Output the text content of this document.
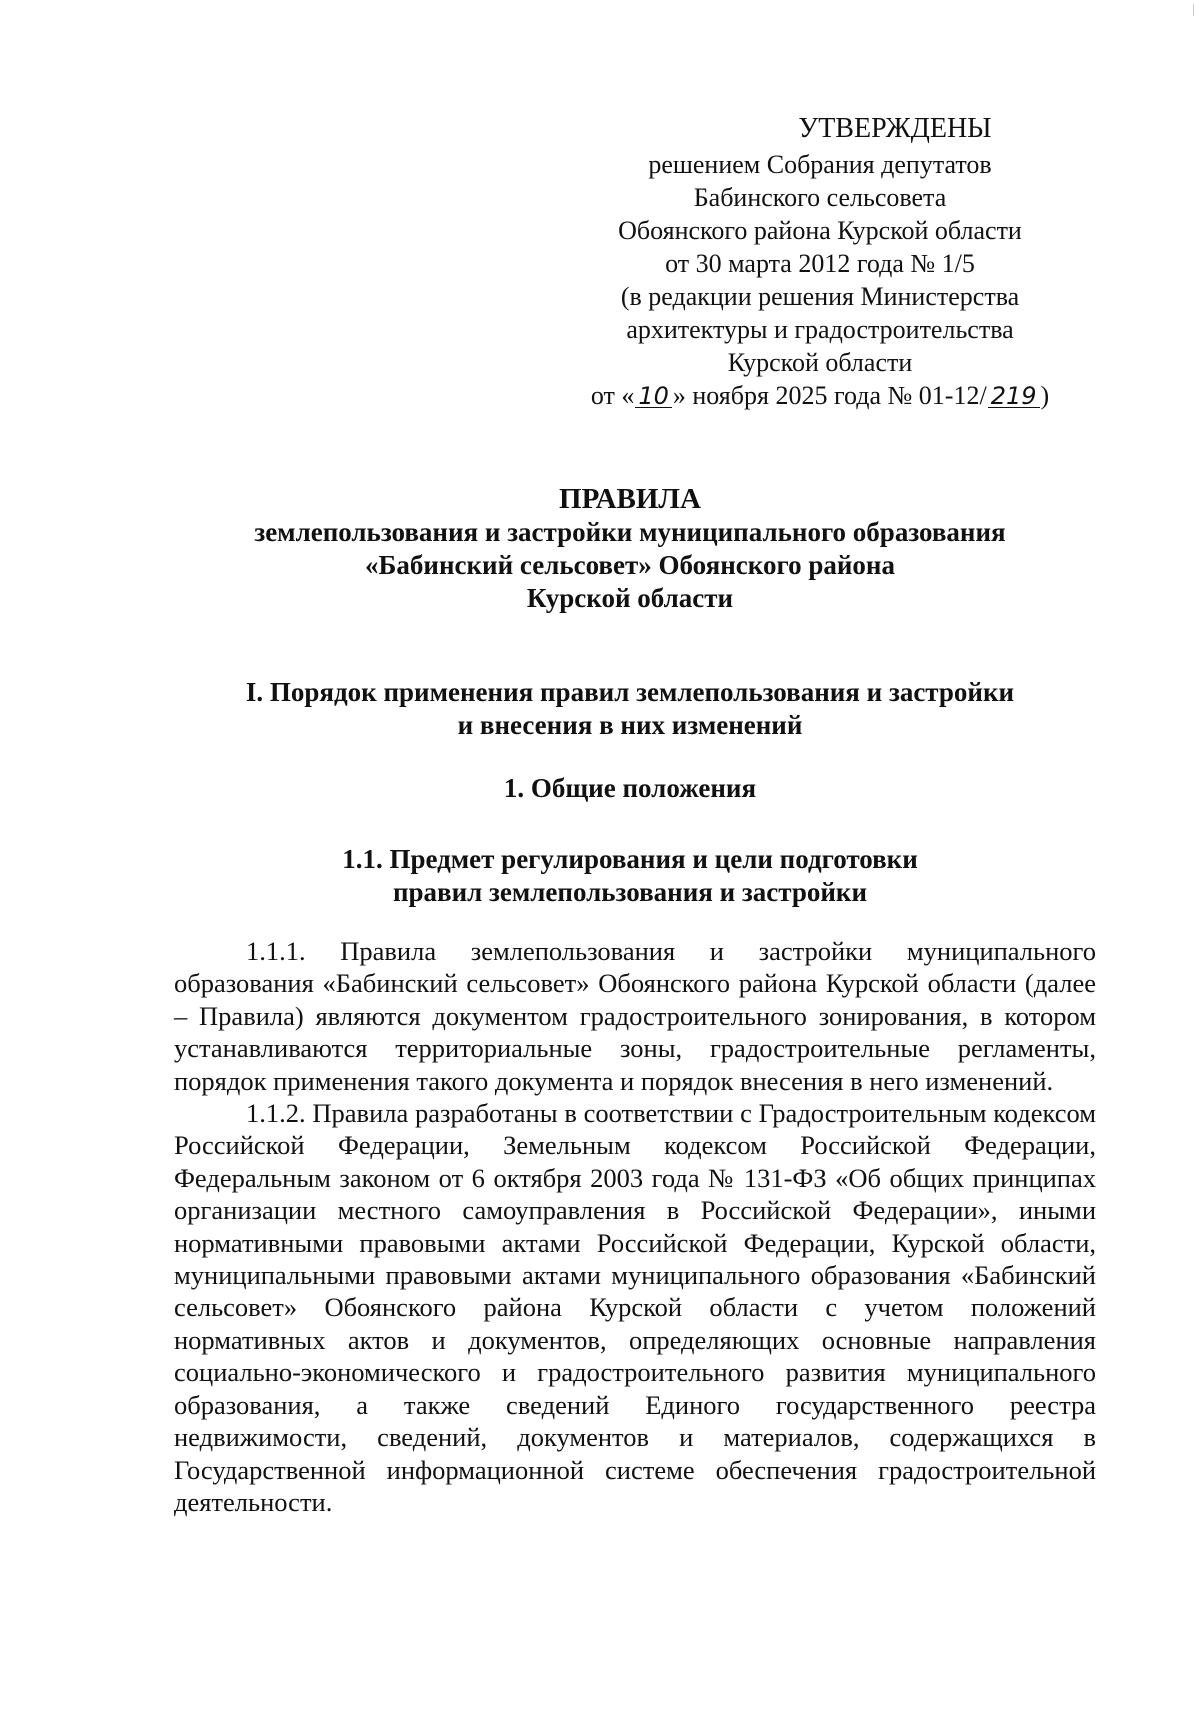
УТВЕРЖДЕНЫ
решением Собрания депутатов
Бабинского сельсовета
Обоянского района Курской области
от 30 марта 2012 года № 1/5
(в редакции решения Министерства
архитектуры и градостроительства
Курской области
от « 10 » ноября 2025 года № 01-12/ 219 )
ПРАВИЛА
землепользования и застройки муниципального образования
«Бабинский сельсовет» Обоянского района
Курской области
I. Порядок применения правил землепользования и застройки
и внесения в них изменений
1. Общие положения
1.1. Предмет регулирования и цели подготовки
правил землепользования и застройки

1.1.1. Правила землепользования и застройки муниципального образования «Бабинский сельсовет» Обоянского района Курской области (далее – Правила) являются документом градостроительного зонирования, в котором устанавливаются территориальные зоны, градостроительные регламенты, порядок применения такого документа и порядок внесения в него изменений.

1.1.2. Правила разработаны в соответствии с Градостроительным кодексом Российской Федерации, Земельным кодексом Российской Федерации, Федеральным законом от 6 октября 2003 года № 131-ФЗ «Об общих принципах организации местного самоуправления в Российской Федерации», иными нормативными правовыми актами Российской Федерации, Курской области, муниципальными правовыми актами муниципального образования «Бабинский сельсовет» Обоянского района Курской области с учетом положений нормативных актов и документов, определяющих основные направления социально-экономического и градостроительного развития муниципального образования, а также сведений Единого государственного реестра недвижимости, сведений, документов и материалов, содержащихся в Государственной информационной системе обеспечения градостроительной деятельности.
